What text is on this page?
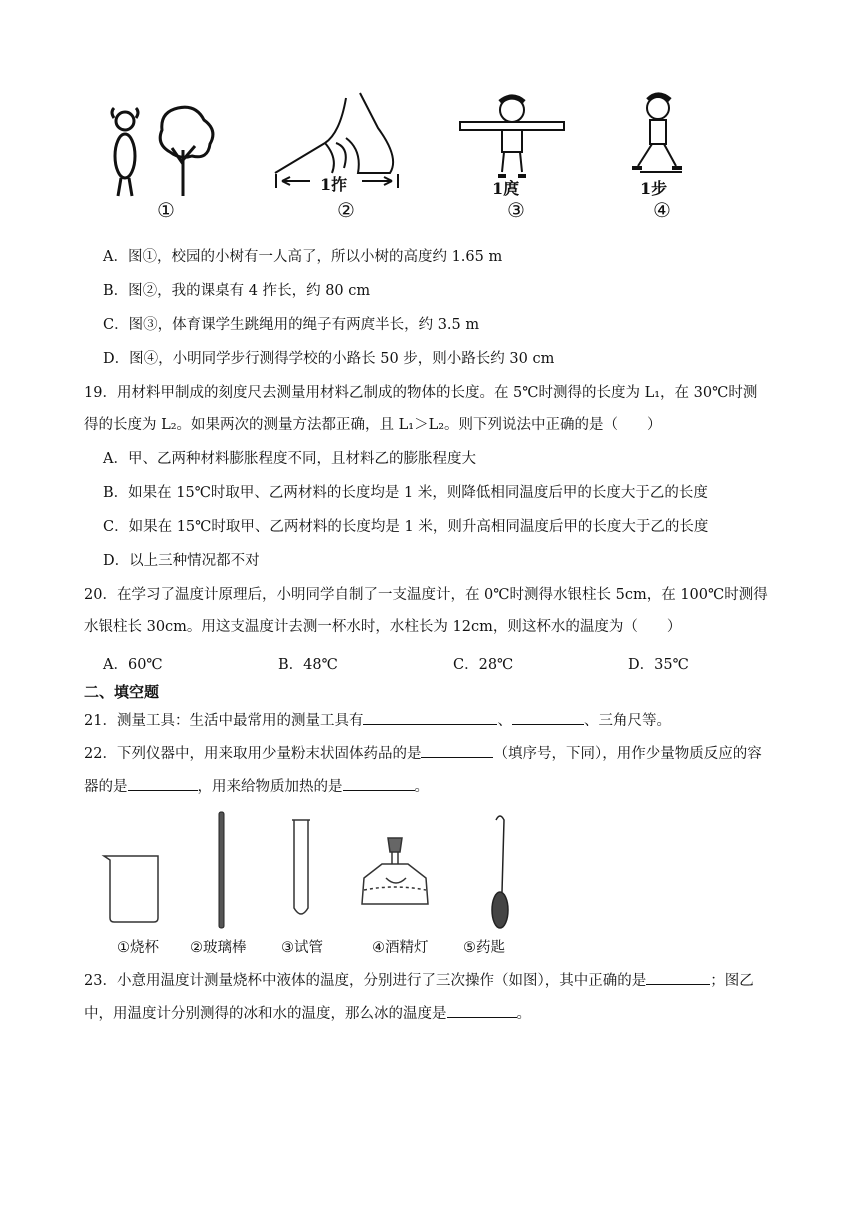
①	②	③	④
1拃	1庹	1步
A．图①，校园的小树有一人高了，所以小树的高度约 1.65 m
B．图②，我的课桌有 4 拃长，约 80 cm
C．图③，体育课学生跳绳用的绳子有两庹半长，约 3.5 m
D．图④，小明同学步行测得学校的小路长 50 步，则小路长约 30 cm
19．用材料甲制成的刻度尺去测量用材料乙制成的物体的长度。在 5℃时测得的长度为 L₁，在 30℃时测
得的长度为 L₂。如果两次的测量方法都正确，且 L₁＞L₂。则下列说法中正确的是（　　）
A．甲、乙两种材料膨胀程度不同，且材料乙的膨胀程度大
B．如果在 15℃时取甲、乙两材料的长度均是 1 米，则降低相同温度后甲的长度大于乙的长度
C．如果在 15℃时取甲、乙两材料的长度均是 1 米，则升高相同温度后甲的长度大于乙的长度
D．以上三种情况都不对
20．在学习了温度计原理后，小明同学自制了一支温度计，在 0℃时测得水银柱长 5cm，在 100℃时测得
水银柱长 30cm。用这支温度计去测一杯水时，水柱长为 12cm，则这杯水的温度为（　　）
A．60℃	B．48℃	C．28℃	D．35℃
二、填空题
21．测量工具：生活中最常用的测量工具有	、	、三角尺等。
22．下列仪器中，用来取用少量粉末状固体药品的是	（填序号，下同），用作少量物质反应的容
器的是	，用来给物质加热的是	。
①烧杯 ②玻璃棒 ③试管	④酒精灯 ⑤药匙
23．小意用温度计测量烧杯中液体的温度，分别进行了三次操作（如图），其中正确的是	；图乙
中，用温度计分别测得的冰和水的温度，那么冰的温度是	。
